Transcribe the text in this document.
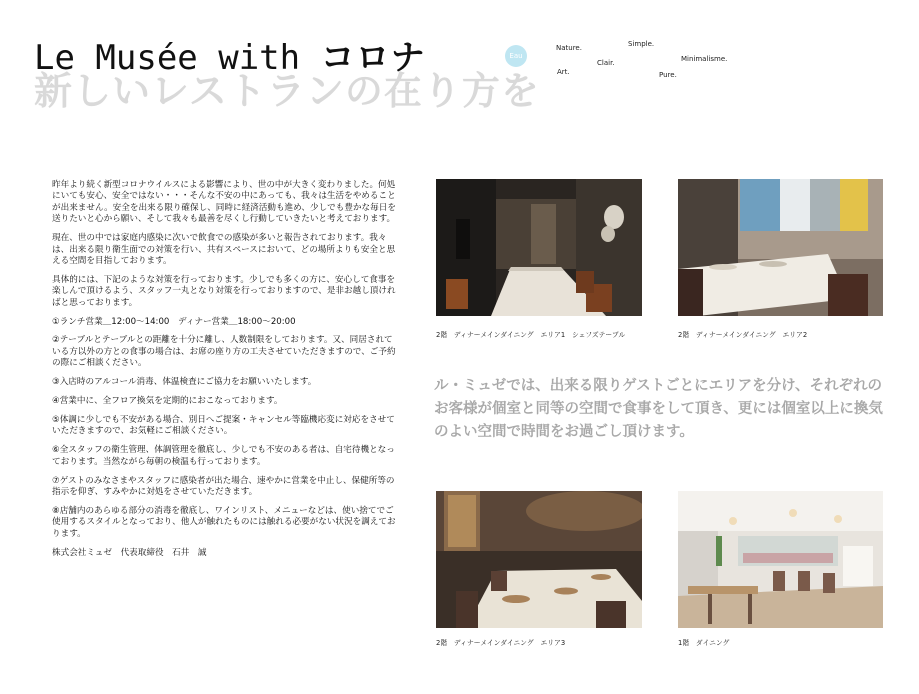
新しいレストランの在り方を
Le Musée with コロナ	Eau
Nature.	Simple.
Clair.	Minimalisme.
Art.	Pure.

昨年より続く新型コロナウイルスによる影響により、世の中が大きく変わりました。何処にいても安心、安全ではない・・・そんな不安の中にあっても、我々は生活をやめることが出来ません。安全を出来る限り確保し、同時に経済活動も進め、少しでも豊かな毎日を送りたいと心から願い、そして我々も最善を尽くし行動していきたいと考えております。

現在、世の中では家庭内感染に次いで飲食での感染が多いと報告されております。我々は、出来る限り衛生面での対策を行い、共有スペースにおいて、どの場所よりも安全と思える空間を目指しております。

具体的には、下記のような対策を行っております。少しでも多くの方に、安心して食事を楽しんで頂けるよう、スタッフ一丸となり対策を行っておりますので、是非お越し頂ければと思っております。

①ランチ営業＿12:00～14:00　ディナー営業＿18:00～20:00

②テーブルとテーブルとの距離を十分に離し、人数制限をしております。又、同居されている方以外の方との食事の場合は、お席の座り方の工夫させていただきますので、ご予約の際にご相談ください。

③入店時のアルコール消毒、体温検査にご協力をお願いいたします。

④営業中に、全フロア換気を定期的におこなっております。

⑤体調に少しでも不安がある場合、別日へご提案・キャンセル等臨機応変に対応をさせていただきますので、お気軽にご相談ください。

⑥全スタッフの衛生管理、体調管理を徹底し、少しでも不安のある者は、自宅待機となっております。当然ながら毎朝の検温も行っております。

⑦ゲストのみなさまやスタッフに感染者が出た場合、速やかに営業を中止し、保健所等の指示を仰ぎ、すみやかに対処をさせていただきます。

⑧店舗内のあらゆる部分の消毒を徹底し、ワインリスト、メニューなどは、使い捨てでご使用するスタイルとなっており、他人が触れたものには触れる必要がない状況を調えております。

株式会社ミュゼ　代表取締役　石井　誠

2階　ディナーメインダイニング　エリア1　シェフズテーブル	2階　ディナーメインダイニング　エリア2
ル・ミュゼでは、出来る限りゲストごとにエリアを分け、それぞれのお客様が個室と同等の空間で食事をして頂き、更には個室以上に換気のよい空間で時間をお過ごし頂けます。
2階　ディナーメインダイニング　エリア3	1階　ダイニング
